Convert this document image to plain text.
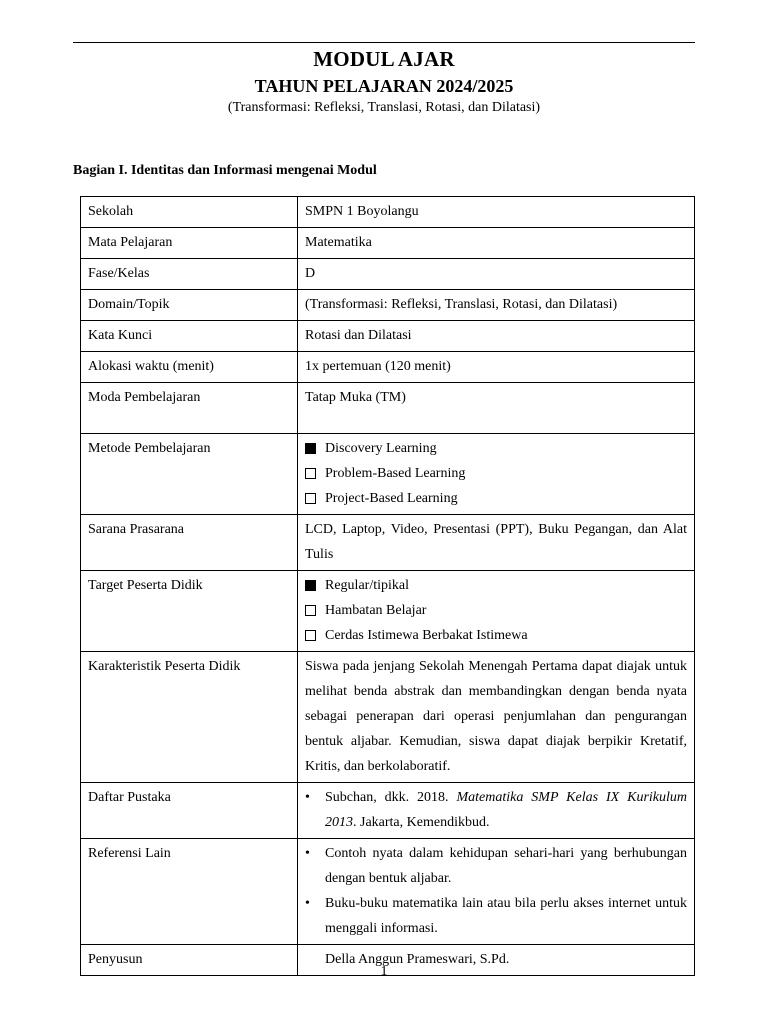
MODUL AJAR
TAHUN PELAJARAN 2024/2025
(Transformasi: Refleksi, Translasi, Rotasi, dan Dilatasi)
Bagian I. Identitas dan Informasi mengenai Modul
Sekolah	SMPN 1 Boyolangu
Mata Pelajaran	Matematika
Fase/Kelas	D
Domain/Topik	(Transformasi: Refleksi, Translasi, Rotasi, dan Dilatasi)
Kata Kunci	Rotasi dan Dilatasi
Alokasi waktu (menit)	1x pertemuan (120 menit)
Moda Pembelajaran	Tatap Muka (TM)
Metode Pembelajaran	Discovery Learning
Problem-Based Learning
Project-Based Learning

Sarana Prasarana	LCD, Laptop, Video, Presentasi (PPT), Buku Pegangan, dan Alat Tulis
Target Peserta Didik	Regular/tipikal
Hambatan Belajar
Cerdas Istimewa Berbakat Istimewa

Karakteristik Peserta Didik	Siswa pada jenjang Sekolah Menengah Pertama dapat diajak untuk melihat benda abstrak dan membandingkan dengan benda nyata sebagai penerapan dari operasi penjumlahan dan pengurangan bentuk aljabar. Kemudian, siswa dapat diajak berpikir Kretatif, Kritis, dan berkolaboratif.
Daftar Pustaka	• Subchan, dkk. 2018. Matematika SMP Kelas IX Kurikulum 2013. Jakarta, Kemendikbud.

Referensi Lain	• Contoh nyata dalam kehidupan sehari-hari yang berhubungan dengan bentuk aljabar.
• Buku-buku matematika lain atau bila perlu akses internet untuk menggali informasi.

Penyusun	Della Anggun Prameswari, S.Pd.
1
